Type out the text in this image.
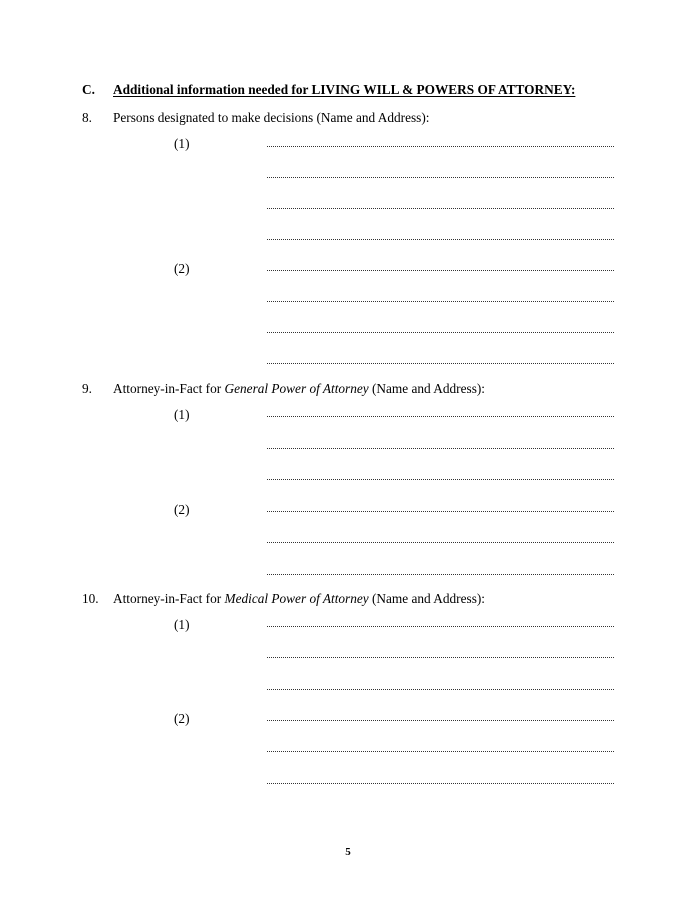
C. Additional information needed for LIVING WILL & POWERS OF ATTORNEY:
8. Persons designated to make decisions (Name and Address):
(1)
(2)
9. Attorney-in-Fact for General Power of Attorney (Name and Address):
(1)
(2)
10. Attorney-in-Fact for Medical Power of Attorney (Name and Address):
(1)
(2)
5
